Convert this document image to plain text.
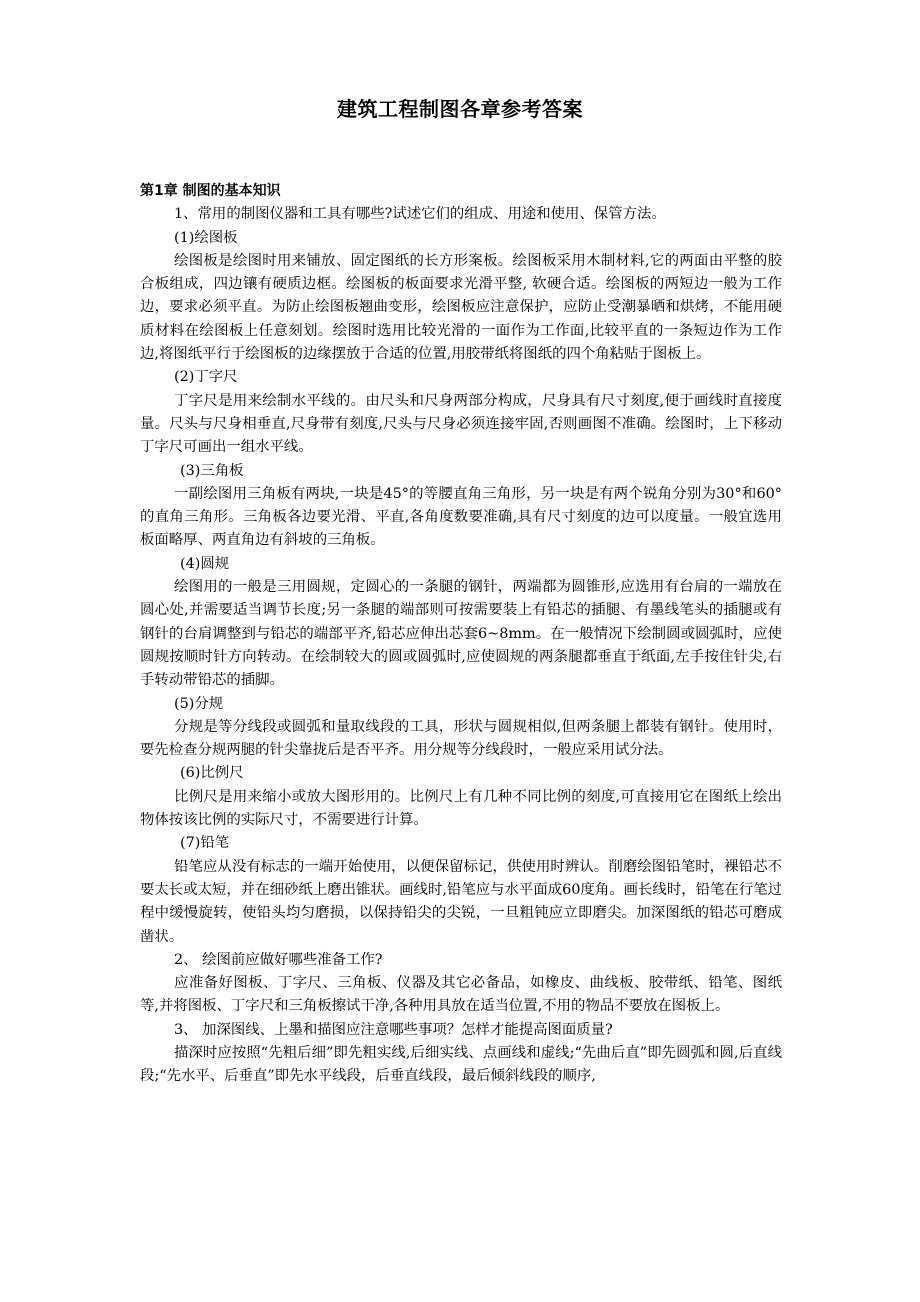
建筑工程制图各章参考答案

第1章 制图的基本知识

1、常用的制图仪器和工具有哪些?试述它们的组成、用途和使用、保管方法。

(1)绘图板

绘图板是绘图时用来铺放、固定图纸的长方形案板。绘图板采用木制材料,它的两面由平整的胶合板组成，四边镶有硬质边框。绘图板的板面要求光滑平整, 软硬合适。绘图板的两短边一般为工作边，要求必须平直。为防止绘图板翘曲变形，绘图板应注意保护，应防止受潮暴晒和烘烤，不能用硬质材料在绘图板上任意刻划。绘图时选用比较光滑的一面作为工作面,比较平直的一条短边作为工作边,将图纸平行于绘图板的边缘摆放于合适的位置,用胶带纸将图纸的四个角粘贴于图板上。

(2)丁字尺

丁字尺是用来绘制水平线的。由尺头和尺身两部分构成，尺身具有尺寸刻度,便于画线时直接度量。尺头与尺身相垂直,尺身带有刻度,尺头与尺身必须连接牢固,否则画图不准确。绘图时，上下移动丁字尺可画出一组水平线。

(3)三角板

一副绘图用三角板有两块,一块是45°的等腰直角三角形，另一块是有两个锐角分别为30°和60°的直角三角形。三角板各边要光滑、平直,各角度数要准确,具有尺寸刻度的边可以度量。一般宜选用板面略厚、两直角边有斜坡的三角板。

(4)圆规

绘图用的一般是三用圆规，定圆心的一条腿的钢针，两端都为圆锥形,应选用有台肩的一端放在圆心处,并需要适当调节长度;另一条腿的端部则可按需要装上有铅芯的插腿、有墨线笔头的插腿或有钢针的台肩调整到与铅芯的端部平齐,铅芯应伸出芯套6~8mm。在一般情况下绘制圆或圆弧时，应使圆规按顺时针方向转动。在绘制较大的圆或圆弧时,应使圆规的两条腿都垂直于纸面,左手按住针尖,右手转动带铅芯的插脚。

(5)分规

分规是等分线段或圆弧和量取线段的工具，形状与圆规相似,但两条腿上都装有钢针。使用时，要先检查分规两腿的针尖靠拢后是否平齐。用分规等分线段时，一般应采用试分法。

(6)比例尺

比例尺是用来缩小或放大图形用的。比例尺上有几种不同比例的刻度,可直接用它在图纸上绘出物体按该比例的实际尺寸，不需要进行计算。

(7)铅笔

铅笔应从没有标志的一端开始使用，以便保留标记，供使用时辨认。削磨绘图铅笔时，裸铅芯不要太长或太短，并在细砂纸上磨出锥状。画线时,铅笔应与水平面成60度角。画长线时，铅笔在行笔过程中缓慢旋转，使铅头均匀磨损，以保持铅尖的尖锐，一旦粗钝应立即磨尖。加深图纸的铅芯可磨成凿状。

2、 绘图前应做好哪些准备工作?

应准备好图板、丁字尺、三角板、仪器及其它必备品，如橡皮、曲线板、胶带纸、铅笔、图纸等,并将图板、丁字尺和三角板擦试干净,各种用具放在适当位置,不用的物品不要放在图板上。

3、 加深图线、上墨和描图应注意哪些事项？怎样才能提高图面质量?

描深时应按照“先粗后细”即先粗实线,后细实线、点画线和虚线;“先曲后直”即先圆弧和圆,后直线段;“先水平、后垂直”即先水平线段，后垂直线段，最后倾斜线段的顺序,
